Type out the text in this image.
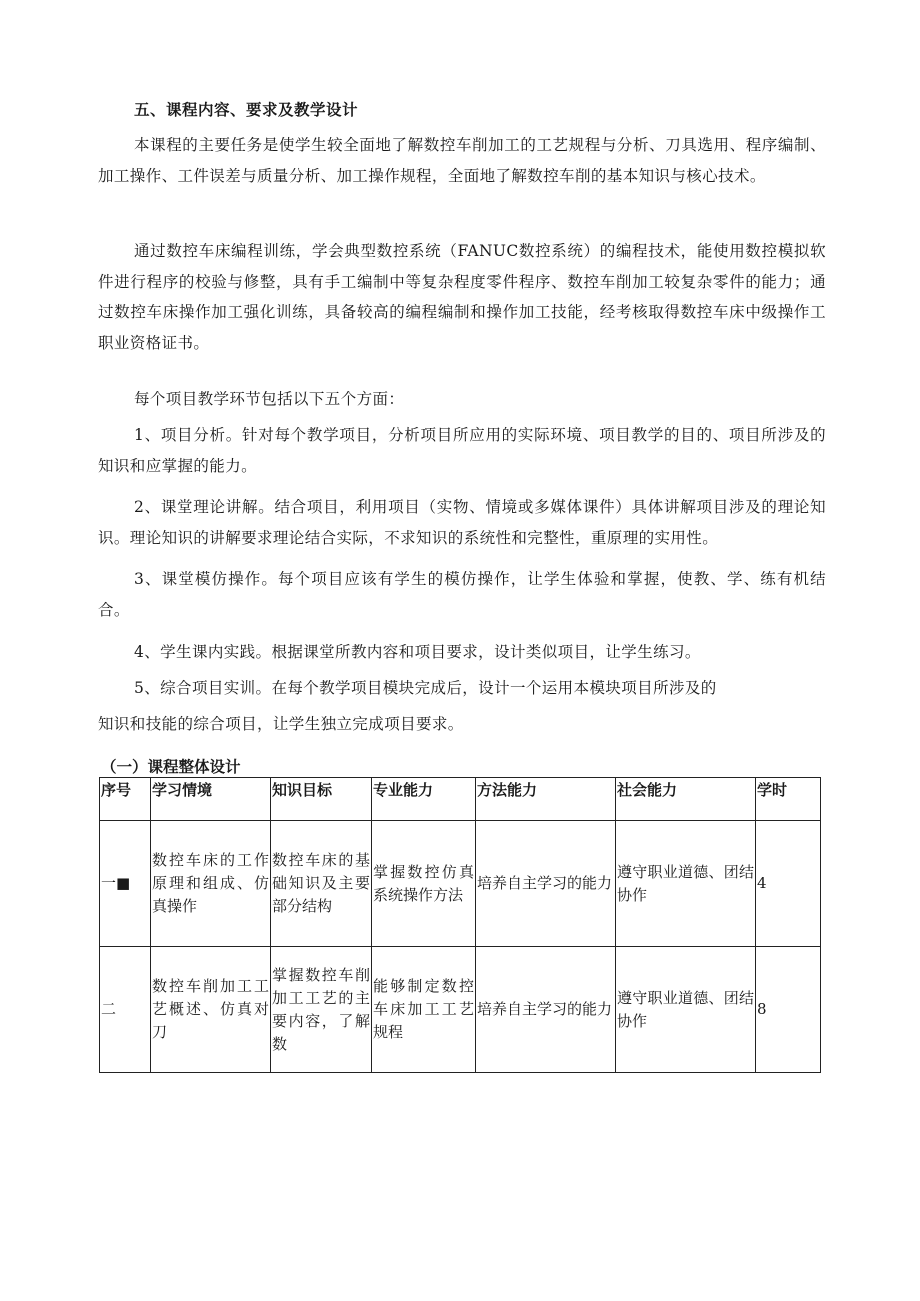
五、课程内容、要求及教学设计

本课程的主要任务是使学生较全面地了解数控车削加工的工艺规程与分析、刀具选用、程序编制、加工操作、工件误差与质量分析、加工操作规程，全面地了解数控车削的基本知识与核心技术。

通过数控车床编程训练，学会典型数控系统（FANUC数控系统）的编程技术，能使用数控模拟软件进行程序的校验与修整，具有手工编制中等复杂程度零件程序、数控车削加工较复杂零件的能力；通过数控车床操作加工强化训练，具备较高的编程编制和操作加工技能，经考核取得数控车床中级操作工职业资格证书。

每个项目教学环节包括以下五个方面：

1、项目分析。针对每个教学项目，分析项目所应用的实际环境、项目教学的目的、项目所涉及的知识和应掌握的能力。

2、课堂理论讲解。结合项目，利用项目（实物、情境或多媒体课件）具体讲解项目涉及的理论知识。理论知识的讲解要求理论结合实际，不求知识的系统性和完整性，重原理的实用性。

3、课堂模仿操作。每个项目应该有学生的模仿操作，让学生体验和掌握，使教、学、练有机结合。

4、学生课内实践。根据课堂所教内容和项目要求，设计类似项目，让学生练习。

5、综合项目实训。在每个教学项目模块完成后，设计一个运用本模块项目所涉及的

知识和技能的综合项目，让学生独立完成项目要求。

（一）课程整体设计
序号	学习情境	知识目标	专业能力	方法能力	社会能力	学时
一■	数控车床的工作原理和组成、仿真操作	数控车床的基础知识及主要部分结构	掌握数控仿真系统操作方法	培养自主学习的能力	遵守职业道德、团结协作	4
二	数控车削加工工艺概述、仿真对刀	掌握数控车削加工工艺的主要内容，了解数	能够制定数控车床加工工艺规程	培养自主学习的能力	遵守职业道德、团结协作	8
